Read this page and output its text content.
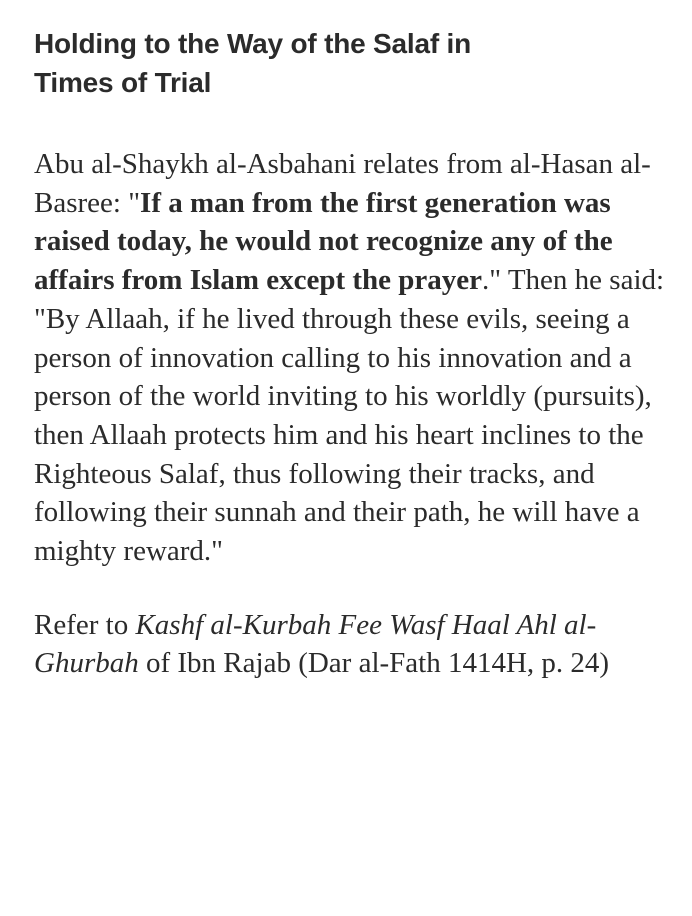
Holding to the Way of the Salaf in
Times of Trial

Abu al-Shaykh al-Asbahani relates from al-Hasan al-Basree: "If a man from the first generation was raised today, he would not recognize any of the affairs from Islam except the prayer." Then he said: "By Allaah, if he lived through these evils, seeing a person of innovation calling to his innovation and a person of the world inviting to his worldly (pursuits), then Allaah protects him and his heart inclines to the Righteous Salaf, thus following their tracks, and following their sunnah and their path, he will have a mighty reward."

Refer to Kashf al-Kurbah Fee Wasf Haal Ahl al-Ghurbah of Ibn Rajab (Dar al-Fath 1414H, p. 24)
